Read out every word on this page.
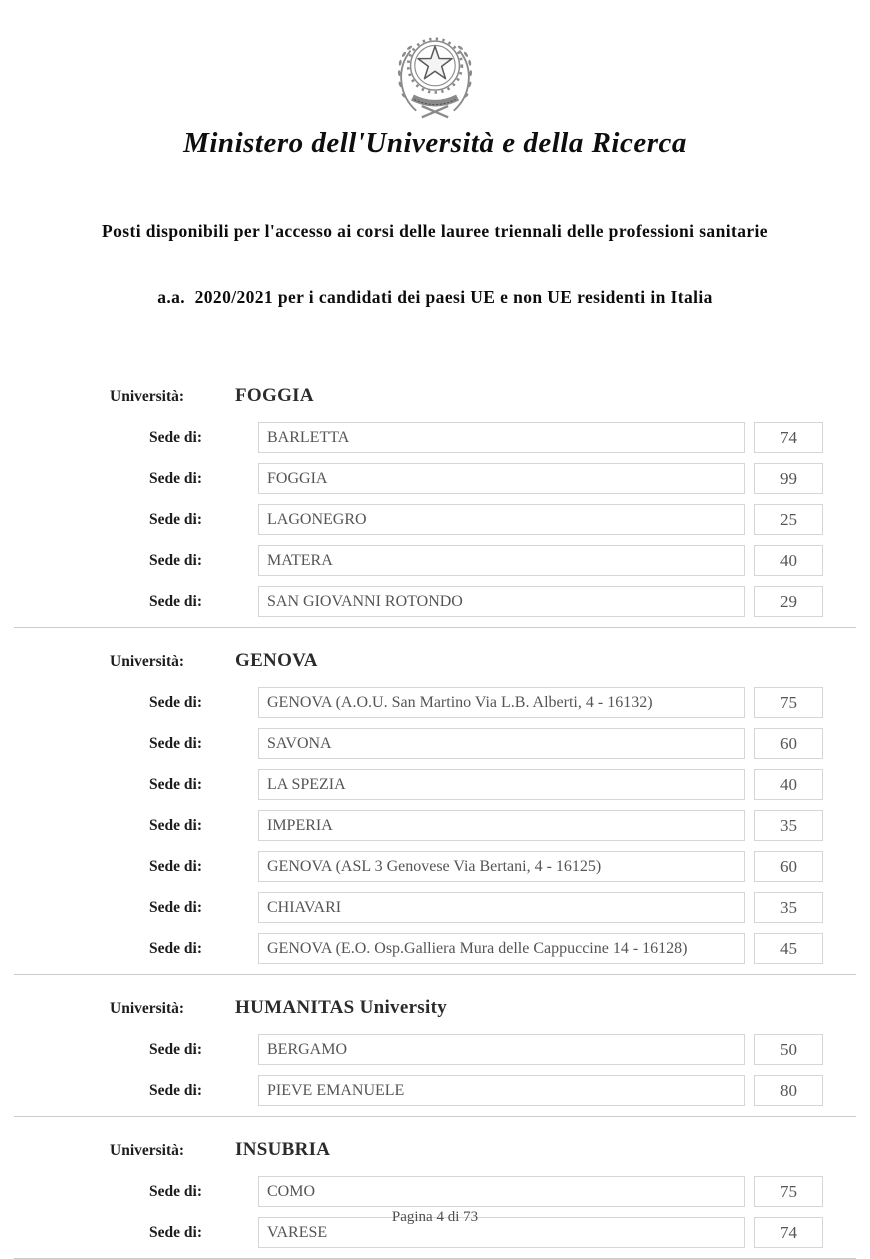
Ministero dell'Università e della Ricerca

Posti disponibili per l'accesso ai corsi delle lauree triennali delle professioni sanitarie

a.a.  2020/2021 per i candidati dei paesi UE e non UE residenti in Italia

Università:	FOGGIA
Sede di:	BARLETTA	74
Sede di:	FOGGIA	99
Sede di:	LAGONEGRO	25
Sede di:	MATERA	40
Sede di:	SAN GIOVANNI ROTONDO	29
Università:	GENOVA
Sede di:	GENOVA (A.O.U. San Martino Via L.B. Alberti, 4 - 16132)	75
Sede di:	SAVONA	60
Sede di:	LA SPEZIA	40
Sede di:	IMPERIA	35
Sede di:	GENOVA (ASL 3 Genovese Via Bertani, 4 - 16125)	60
Sede di:	CHIAVARI	35
Sede di:	GENOVA (E.O. Osp.Galliera Mura delle Cappuccine 14 - 16128)	45
Università:	HUMANITAS University
Sede di:	BERGAMO	50
Sede di:	PIEVE EMANUELE	80
Università:	INSUBRIA
Sede di:	COMO	75
Sede di:	VARESE	74
Pagina 4 di 73
